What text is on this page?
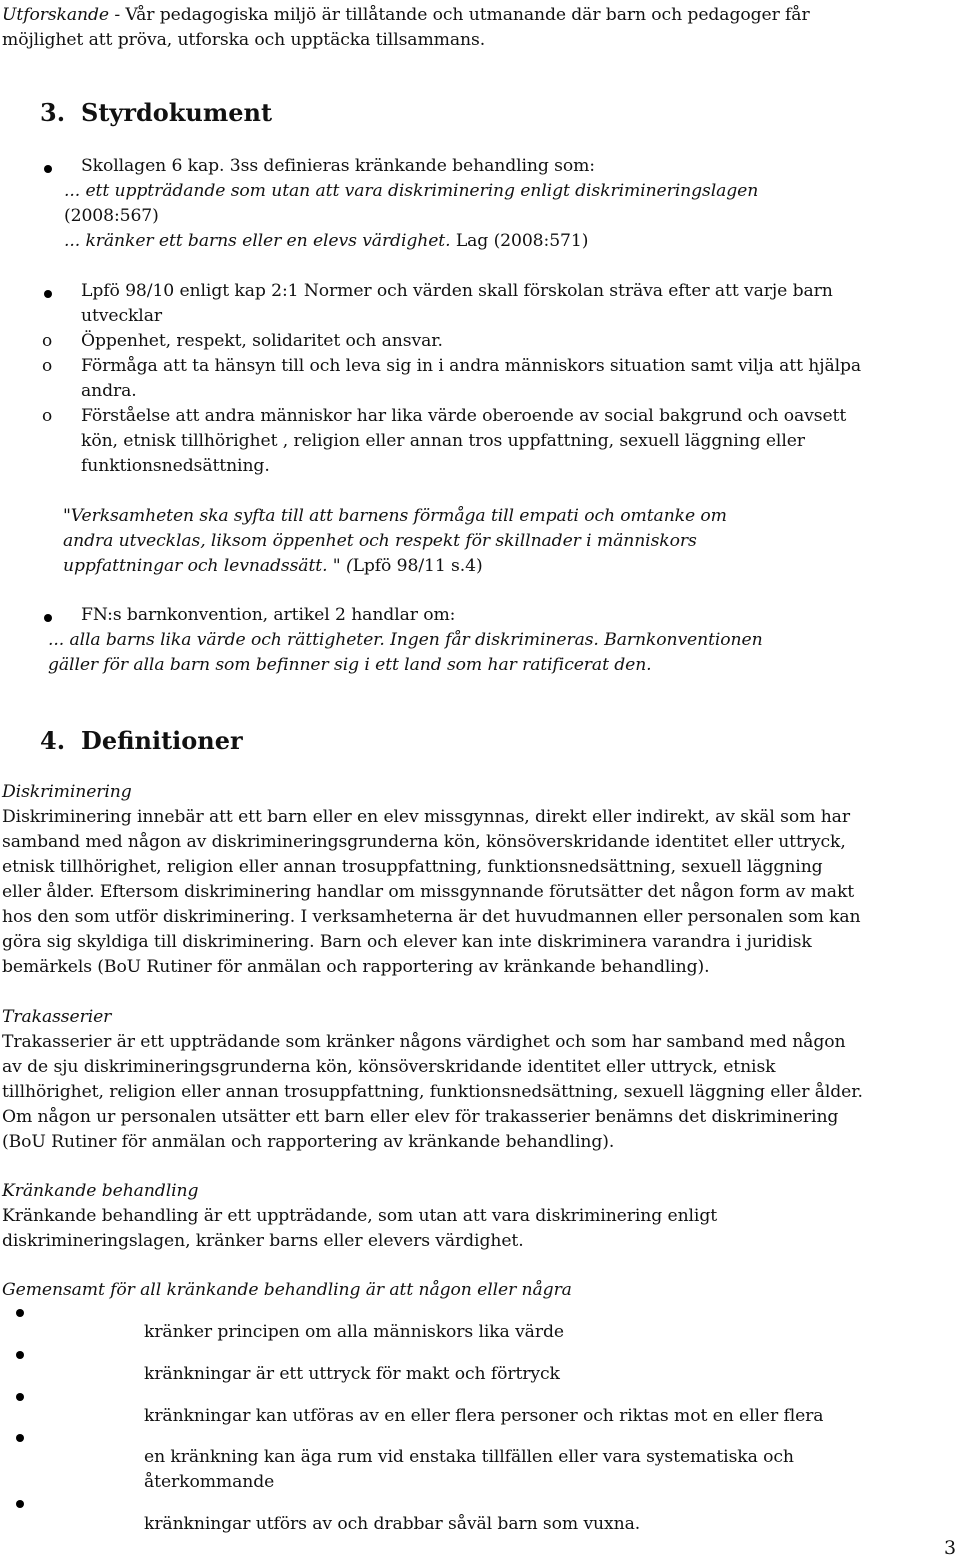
Utforskande - Vår pedagogiska miljö är tillåtande och utmanande där barn och pedagoger får
möjlighet att pröva, utforska och upptäcka tillsammans.
3. Styrdokument
Skollagen 6 kap. 3ss definieras kränkande behandling som:
... ett uppträdande som utan att vara diskriminering enligt diskrimineringslagen
(2008:567)
... kränker ett barns eller en elevs värdighet. Lag (2008:571)
Lpfö 98/10 enligt kap 2:1 Normer och värden skall förskolan sträva efter att varje barn
utvecklar
o Öppenhet, respekt, solidaritet och ansvar.
o Förmåga att ta hänsyn till och leva sig in i andra människors situation samt vilja att hjälpa
andra.
o Förståelse att andra människor har lika värde oberoende av social bakgrund och oavsett
kön, etnisk tillhörighet , religion eller annan tros uppfattning, sexuell läggning eller
funktionsnedsättning.
"Verksamheten ska syfta till att barnens förmåga till empati och omtanke om
andra utvecklas, liksom öppenhet och respekt för skillnader i människors
uppfattningar och levnadssätt. " (Lpfö 98/11 s.4)
FN:s barnkonvention, artikel 2 handlar om:
... alla barns lika värde och rättigheter. Ingen får diskrimineras. Barnkonventionen
gäller för alla barn som befinner sig i ett land som har ratificerat den.
4. Definitioner
Diskriminering
Diskriminering innebär att ett barn eller en elev missgynnas, direkt eller indirekt, av skäl som har
samband med någon av diskrimineringsgrunderna kön, könsöverskridande identitet eller uttryck,
etnisk tillhörighet, religion eller annan trosuppfattning, funktionsnedsättning, sexuell läggning
eller ålder. Eftersom diskriminering handlar om missgynnande förutsätter det någon form av makt
hos den som utför diskriminering. I verksamheterna är det huvudmannen eller personalen som kan
göra sig skyldiga till diskriminering. Barn och elever kan inte diskriminera varandra i juridisk
bemärkels (BoU Rutiner för anmälan och rapportering av kränkande behandling).
Trakasserier
Trakasserier är ett uppträdande som kränker någons värdighet och som har samband med någon
av de sju diskrimineringsgrunderna kön, könsöverskridande identitet eller uttryck, etnisk
tillhörighet, religion eller annan trosuppfattning, funktionsnedsättning, sexuell läggning eller ålder.
Om någon ur personalen utsätter ett barn eller elev för trakasserier benämns det diskriminering
(BoU Rutiner för anmälan och rapportering av kränkande behandling).
Kränkande behandling
Kränkande behandling är ett uppträdande, som utan att vara diskriminering enligt
diskrimineringslagen, kränker barns eller elevers värdighet.
Gemensamt för all kränkande behandling är att någon eller några
kränker principen om alla människors lika värde
kränkningar är ett uttryck för makt och förtryck
kränkningar kan utföras av en eller flera personer och riktas mot en eller flera
en kränkning kan äga rum vid enstaka tillfällen eller vara systematiska och
återkommande
kränkningar utförs av och drabbar såväl barn som vuxna.
3
